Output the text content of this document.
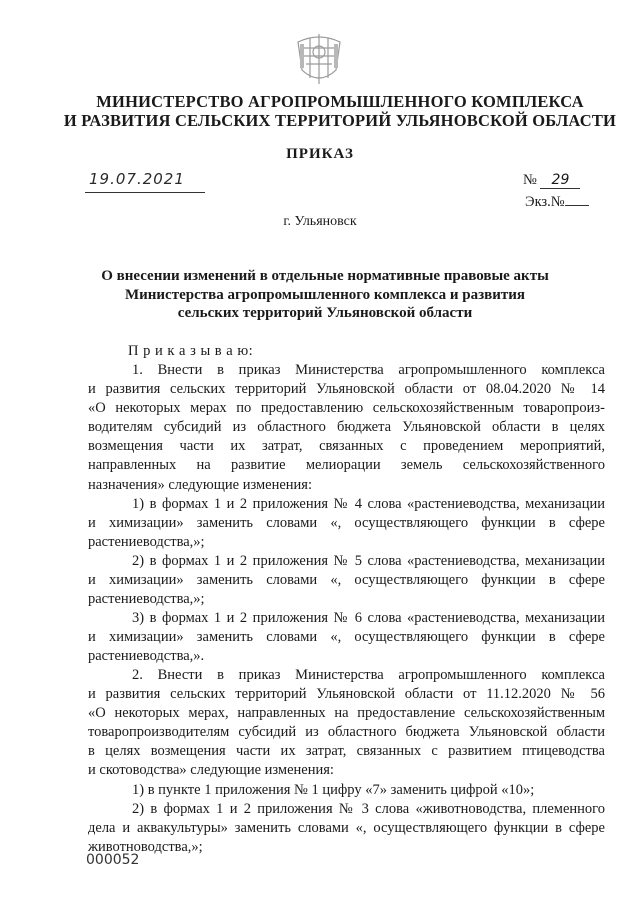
МИНИСТЕРСТВО АГРОПРОМЫШЛЕННОГО КОМПЛЕКСА
И РАЗВИТИЯ СЕЛЬСКИХ ТЕРРИТОРИЙ УЛЬЯНОВСКОЙ ОБЛАСТИ
ПРИКАЗ
19.07.2021	№ 29
Экз.№
г. Ульяновск
О внесении изменений в отдельные нормативные правовые акты
Министерства агропромышленного комплекса и развития
сельских территорий Ульяновской области
П р и к а з ы в а ю:
1. Внести в приказ Министерства агропромышленного комплекса
и развития сельских территорий Ульяновской области от 08.04.2020 № 14
«О некоторых мерах по предоставлению сельскохозяйственным товаропроиз-
водителям субсидий из областного бюджета Ульяновской области в целях
возмещения части их затрат, связанных с проведением мероприятий,
направленных на развитие мелиорации земель сельскохозяйственного
назначения» следующие изменения:
1) в формах 1 и 2 приложения № 4 слова «растениеводства, механизации
и химизации» заменить словами «, осуществляющего функции в сфере
растениеводства,»;
2) в формах 1 и 2 приложения № 5 слова «растениеводства, механизации
и химизации» заменить словами «, осуществляющего функции в сфере
растениеводства,»;
3) в формах 1 и 2 приложения № 6 слова «растениеводства, механизации
и химизации» заменить словами «, осуществляющего функции в сфере
растениеводства,».
2. Внести в приказ Министерства агропромышленного комплекса
и развития сельских территорий Ульяновской области от 11.12.2020 № 56
«О некоторых мерах, направленных на предоставление сельскохозяйственным
товаропроизводителям субсидий из областного бюджета Ульяновской области
в целях возмещения части их затрат, связанных с развитием птицеводства
и скотоводства» следующие изменения:
1) в пункте 1 приложения № 1 цифру «7» заменить цифрой «10»;
2) в формах 1 и 2 приложения № 3 слова «животноводства, племенного
дела и аквакультуры» заменить словами «, осуществляющего функции в сфере
животноводства,»;
000052
